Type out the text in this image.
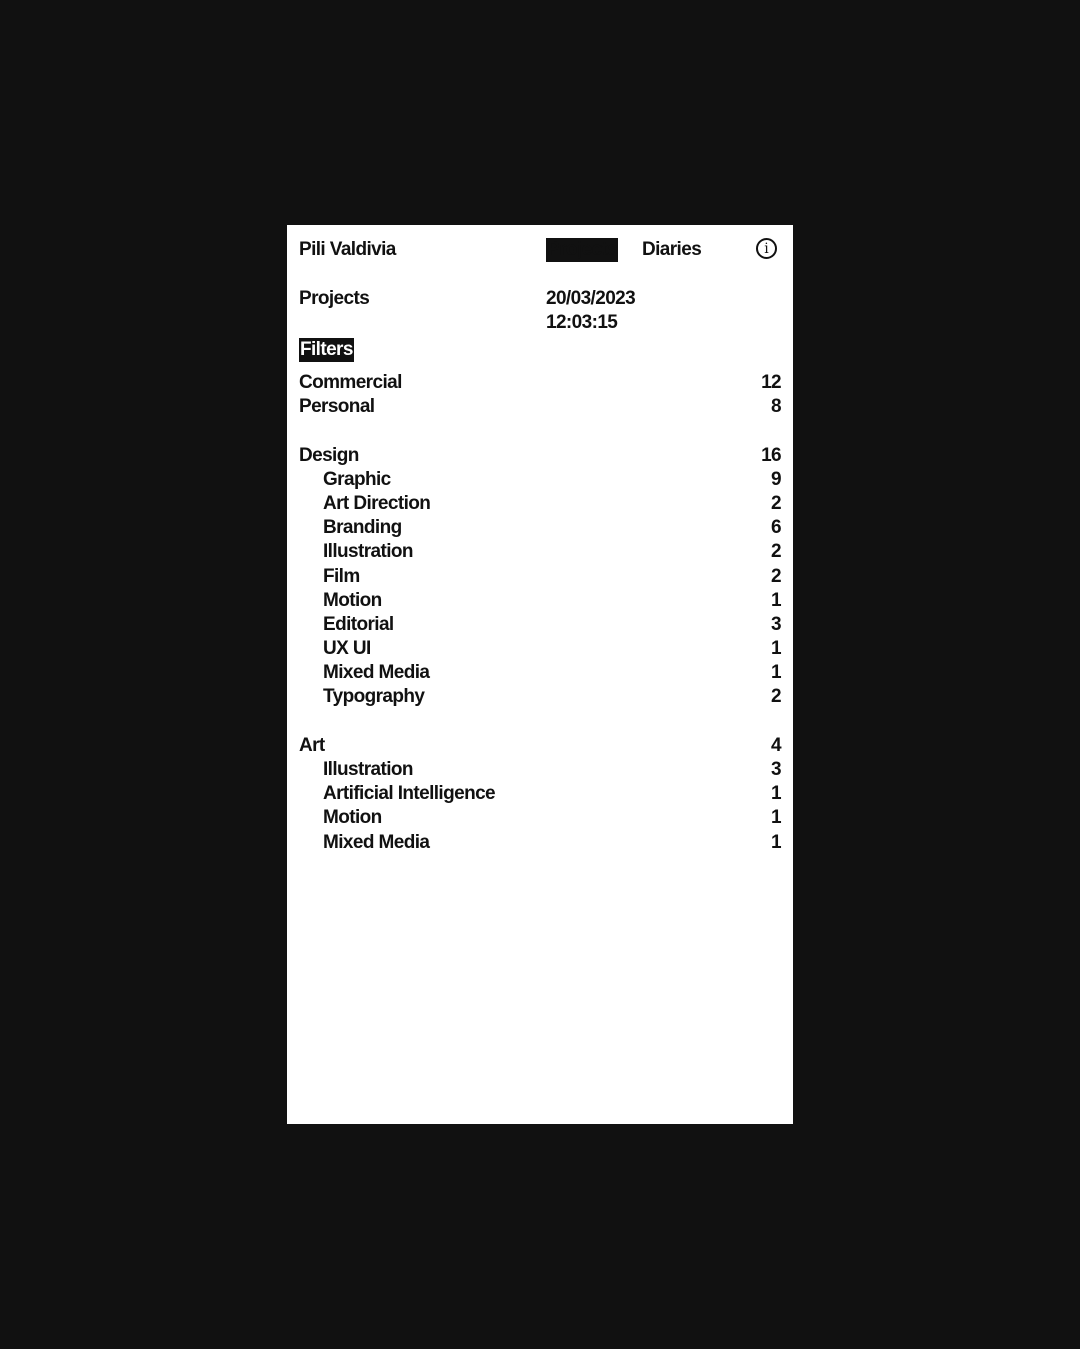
Pili Valdivia	Projects Diaries	i
Projects	20/03/2023
12:03:15
Filters
Commercial	12
Personal	8
Design	16
Graphic	9
Art Direction	2
Branding	6
Illustration	2
Film	2
Motion	1
Editorial	3
UX UI	1
Mixed Media	1
Typography	2
Art	4
Illustration	3
Artificial Intelligence	1
Motion	1
Mixed Media	1
